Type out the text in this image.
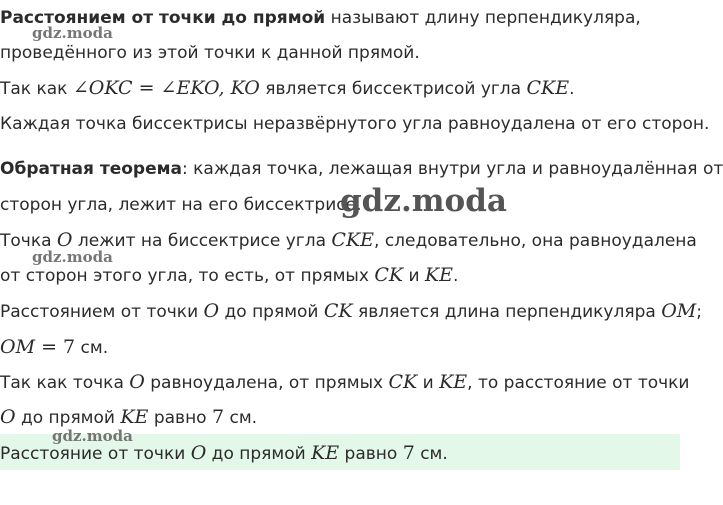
Расстоянием от точки до прямой называют длину перпендикуляра,
проведённого из этой точки к данной прямой.
Так как ∠OKC = ∠EKO, KO является биссектрисой угла CKE.
Каждая точка биссектрисы неразвёрнутого угла равноудалена от его сторон.
Обратная теорема: каждая точка, лежащая внутри угла и равноудалённая от
сторон угла, лежит на его биссектрисе.
Точка O лежит на биссектрисе угла CKE, следовательно, она равноудалена
от сторон этого угла, то есть, от прямых CK и KE.
Расстоянием от точки O до прямой CK является длина перпендикуляра OM;
OM = 7 см.
Так как точка O равноудалена, от прямых CK и KE, то расстояние от точки
O до прямой KE равно 7 см.
Расстояние от точки O до прямой KE равно 7 см.
gdz.moda
gdz.moda
gdz.moda
gdz.moda
